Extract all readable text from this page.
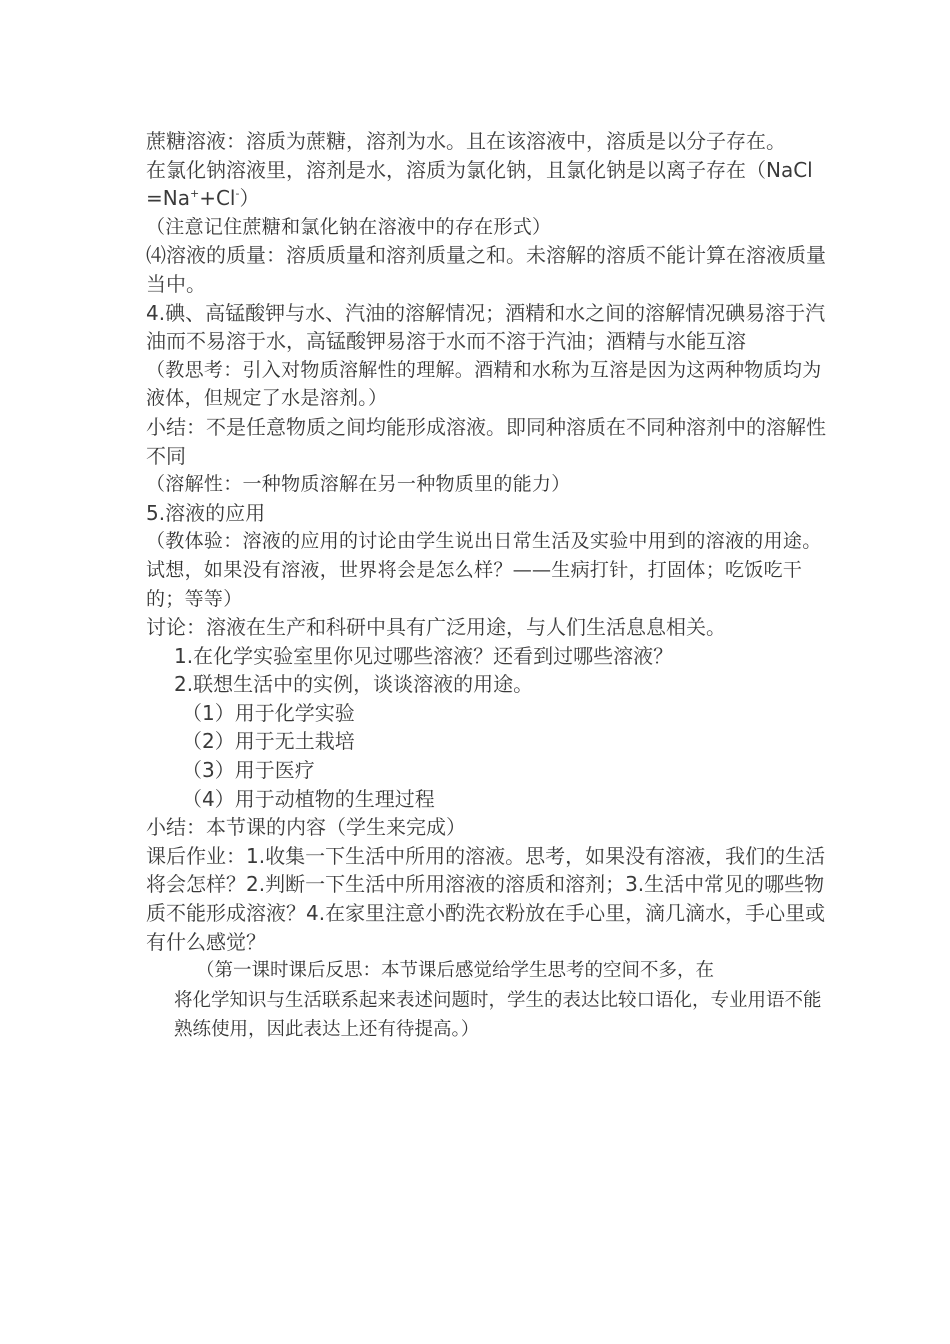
蔗糖溶液：溶质为蔗糖，溶剂为水。且在该溶液中，溶质是以分子存在。

在氯化钠溶液里，溶剂是水，溶质为氯化钠，且氯化钠是以离子存在（NaCl=Na++Cl-）

（注意记住蔗糖和氯化钠在溶液中的存在形式）

⑷溶液的质量：溶质质量和溶剂质量之和。未溶解的溶质不能计算在溶液质量当中。

4.碘、高锰酸钾与水、汽油的溶解情况；酒精和水之间的溶解情况碘易溶于汽油而不易溶于水，高锰酸钾易溶于水而不溶于汽油；酒精与水能互溶

（教思考：引入对物质溶解性的理解。酒精和水称为互溶是因为这两种物质均为液体，但规定了水是溶剂。）

小结：不是任意物质之间均能形成溶液。即同种溶质在不同种溶剂中的溶解性不同

（溶解性：一种物质溶解在另一种物质里的能力）

5.溶液的应用

（教体验：溶液的应用的讨论由学生说出日常生活及实验中用到的溶液的用途。试想，如果没有溶液，世界将会是怎么样？——生病打针，打固体；吃饭吃干的；等等）

讨论：溶液在生产和科研中具有广泛用途，与人们生活息息相关。

1.在化学实验室里你见过哪些溶液？还看到过哪些溶液？

2.联想生活中的实例，谈谈溶液的用途。

（1）用于化学实验

（2）用于无土栽培

（3）用于医疗

（4）用于动植物的生理过程

小结：本节课的内容（学生来完成）

课后作业：1.收集一下生活中所用的溶液。思考，如果没有溶液，我们的生活将会怎样？2.判断一下生活中所用溶液的溶质和溶剂；3.生活中常见的哪些物质不能形成溶液？4.在家里注意小酌洗衣粉放在手心里，滴几滴水，手心里或有什么感觉？

（第一课时课后反思：本节课后感觉给学生思考的空间不多，在

将化学知识与生活联系起来表述问题时，学生的表达比较口语化，专业用语不能熟练使用，因此表达上还有待提高。）
